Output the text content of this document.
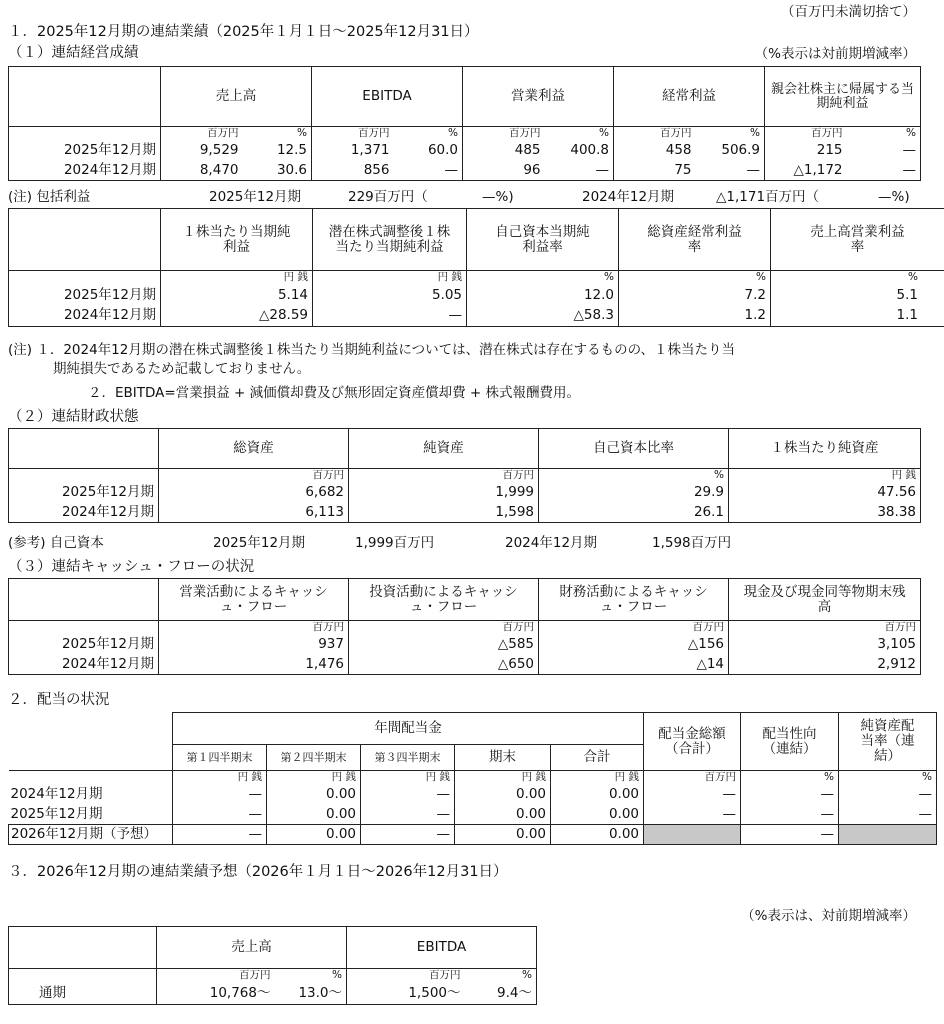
（百万円未満切捨て）
１．2025年12月期の連結業績（2025年１月１日～2025年12月31日）
（１）連結経営成績	（%表示は対前期増減率）
	売上高		EBITDA		営業利益		経常利益		親会社株主に帰属する当期純利益	
	百万円	%	百万円	%	百万円	%	百万円	%	百万円	%
2025年12月期	9,529	12.5	1,371	60.0	485	400.8	458	506.9	215	—
2024年12月期	8,470	30.6	856	—	96	—	75	—	△1,172	—
(注) 包括利益	2025年12月期	229百万円（	—%)	2024年12月期	△1,171百万円（	—%)
	１株当たり当期純利益	潜在株式調整後１株当たり当期純利益	自己資本当期純利益率	総資産経常利益率	売上高営業利益率
	円 銭	円 銭	%	%	%
2025年12月期	5.14	5.05	12.0	7.2	5.1
2024年12月期	△28.59	—	△58.3	1.2	1.1
(注) １．2024年12月期の潜在株式調整後１株当たり当期純利益については、潜在株式は存在するものの、１株当たり当
期純損失であるため記載しておりません。
２．EBITDA=営業損益 + 減価償却費及び無形固定資産償却費 + 株式報酬費用。
（２）連結財政状態
	総資産	純資産	自己資本比率	１株当たり純資産
	百万円	百万円	%	円 銭
2025年12月期	6,682	1,999	29.9	47.56
2024年12月期	6,113	1,598	26.1	38.38
(参考) 自己資本	2025年12月期	1,999百万円	2024年12月期	1,598百万円
（３）連結キャッシュ・フローの状況
	営業活動によるキャッシュ・フロー	投資活動によるキャッシュ・フロー	財務活動によるキャッシュ・フロー	現金及び現金同等物期末残高
	百万円	百万円	百万円	百万円
2025年12月期	937	△585	△156	3,105
2024年12月期	1,476	△650	△14	2,912
２．配当の状況
	年間配当金					配当金総額（合計）	配当性向（連結）	純資産配当率（連結）
	第１四半期末	第２四半期末	第３四半期末	期末	合計			
	円 銭	円 銭	円 銭	円 銭	円 銭	百万円	%	%
2024年12月期	—	0.00	—	0.00	0.00	—	—	—
2025年12月期	—	0.00	—	0.00	0.00	—	—	—
2026年12月期（予想）	—	0.00	—	0.00	0.00		—	
３．2026年12月期の連結業績予想（2026年１月１日～2026年12月31日）
（%表示は、対前期増減率）
	売上高		EBITDA	
	百万円	%	百万円	%
通期	10,768～	13.0～	1,500～	9.4～
